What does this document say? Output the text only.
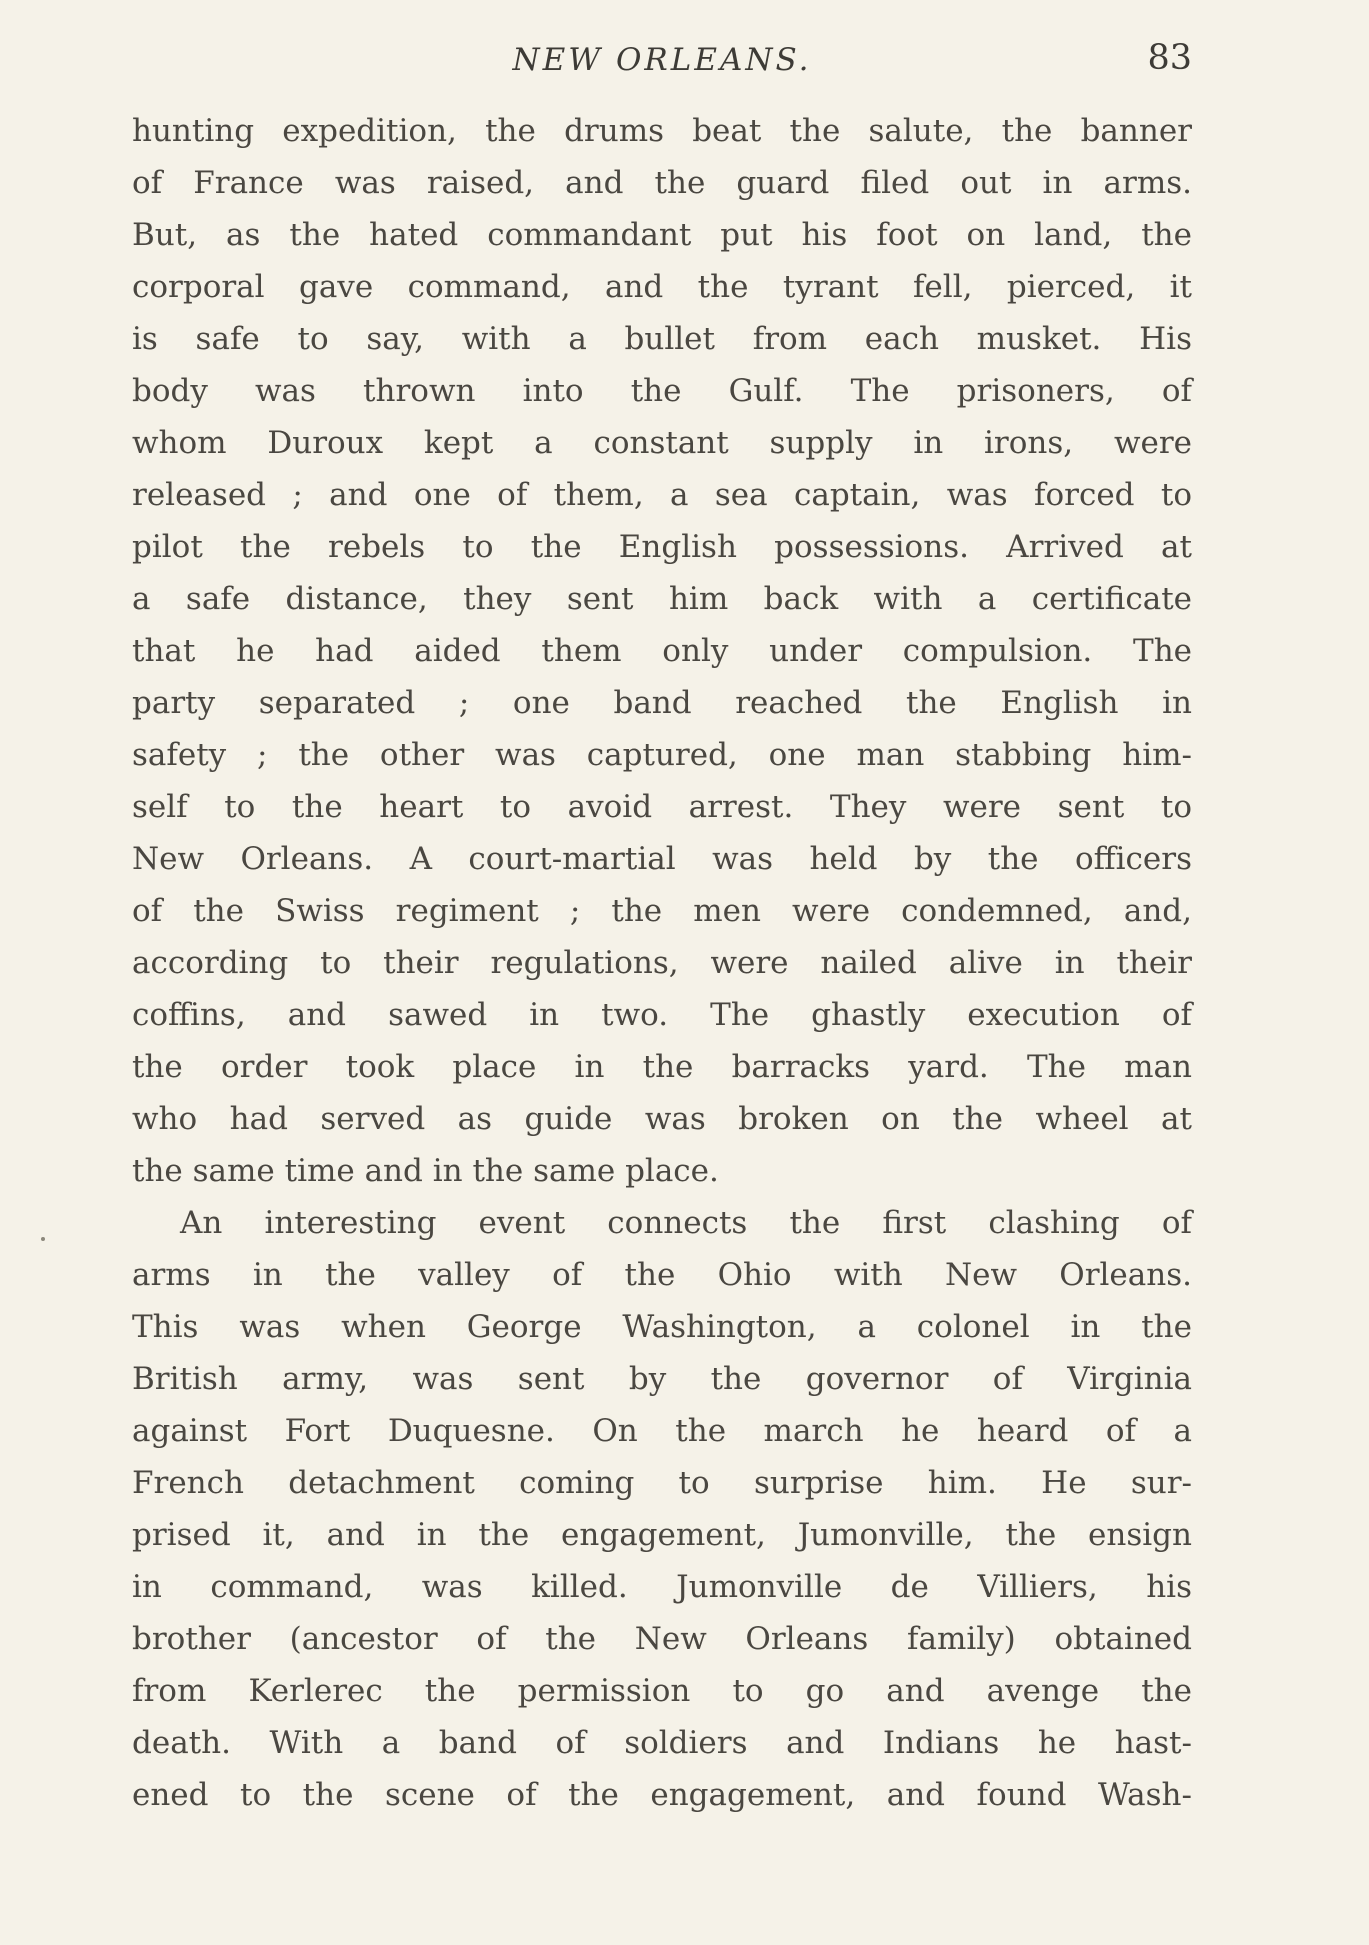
NEW ORLEANS.	83
hunting expedition, the drums beat the salute, the banner
of France was raised, and the guard filed out in arms.
But, as the hated commandant put his foot on land, the
corporal gave command, and the tyrant fell, pierced, it
is safe to say, with a bullet from each musket. His
body was thrown into the Gulf. The prisoners, of
whom Duroux kept a constant supply in irons, were
released ; and one of them, a sea captain, was forced to
pilot the rebels to the English possessions. Arrived at
a safe distance, they sent him back with a certificate
that he had aided them only under compulsion. The
party separated ; one band reached the English in
safety ; the other was captured, one man stabbing him-
self to the heart to avoid arrest. They were sent to
New Orleans. A court-martial was held by the officers
of the Swiss regiment ; the men were condemned, and,
according to their regulations, were nailed alive in their
coffins, and sawed in two. The ghastly execution of
the order took place in the barracks yard. The man
who had served as guide was broken on the wheel at
the same time and in the same place.
An interesting event connects the first clashing of
arms in the valley of the Ohio with New Orleans.
This was when George Washington, a colonel in the
British army, was sent by the governor of Virginia
against Fort Duquesne. On the march he heard of a
French detachment coming to surprise him. He sur-
prised it, and in the engagement, Jumonville, the ensign
in command, was killed. Jumonville de Villiers, his
brother (ancestor of the New Orleans family) obtained
from Kerlerec the permission to go and avenge the
death. With a band of soldiers and Indians he hast-
ened to the scene of the engagement, and found Wash-
